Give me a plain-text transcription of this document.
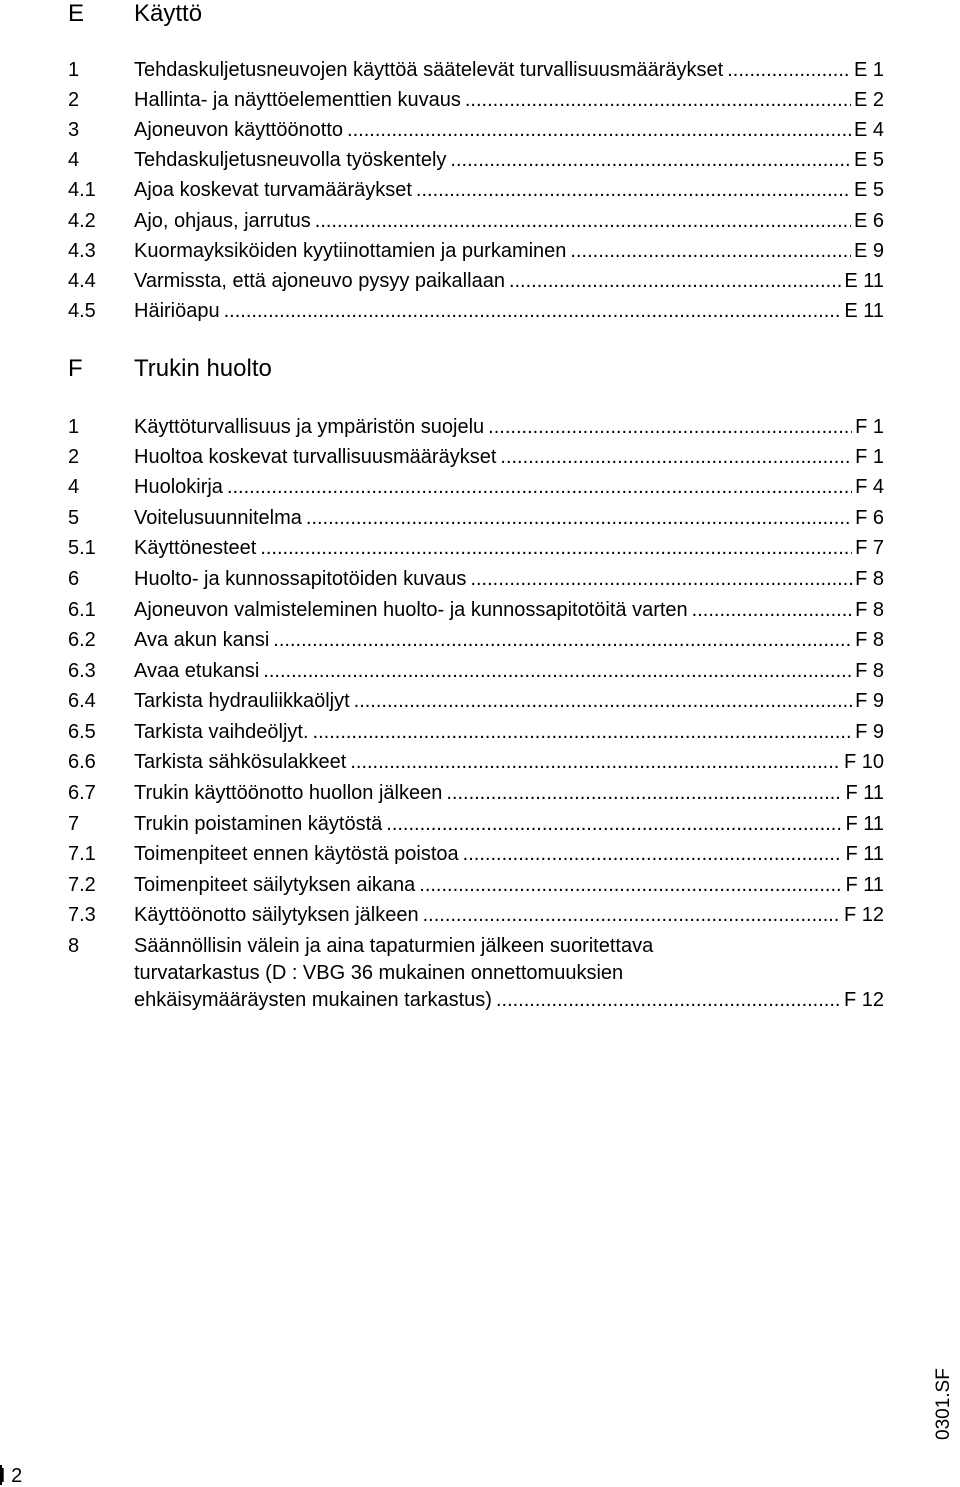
E Käyttö
1	Tehdaskuljetusneuvojen käyttöä säätelevät turvallisuusmääräykset .....	E 1
2	Hallinta- ja näyttöelementtien kuvaus .....	E 2
3	Ajoneuvon käyttöönotto .....	E 4
4	Tehdaskuljetusneuvolla työskentely .....	E 5
4.1 Ajoa koskevat turvamääräykset .....	E 5
4.2 Ajo, ohjaus, jarrutus .....	E 6
4.3 Kuormayksiköiden kyytiinottamien ja purkaminen .....	E 9
4.4 Varmissta, että ajoneuvo pysyy paikallaan .....	E 11
4.5 Häiriöapu .....	E 11
F Trukin huolto
1	Käyttöturvallisuus ja ympäristön suojelu .....	F 1
2	Huoltoa koskevat turvallisuusmääräykset .....	F 1
4	Huolokirja .....	F 4
5	Voitelusuunnitelma .....	F 6
5.1 Käyttönesteet .....	F 7
6	Huolto- ja kunnossapitotöiden kuvaus .....	F 8
6.1 Ajoneuvon valmisteleminen huolto- ja kunnossapitotöitä varten .....	F 8
6.2 Ava akun kansi .....	F 8
6.3 Avaa etukansi .....	F 8
6.4 Tarkista hydrauliikkaöljyt .....	F 9
6.5 Tarkista vaihdeöljyt. .....	F 9
6.6 Tarkista sähkösulakkeet .....	F 10
6.7 Trukin käyttöönotto huollon jälkeen .....	F 11
7	Trukin poistaminen käytöstä .....	F 11
7.1 Toimenpiteet ennen käytöstä poistoa .....	F 11
7.2 Toimenpiteet säilytyksen aikana .....	F 11
7.3 Käyttöönotto säilytyksen jälkeen .....	F 12
8	Säännöllisin välein ja aina tapaturmien jälkeen suoritettava
turvatarkastus (D : VBG 36 mukainen onnettomuuksien
ehkäisymääräysten mukainen tarkastus) .....	F 12
0301.SF
I 2
